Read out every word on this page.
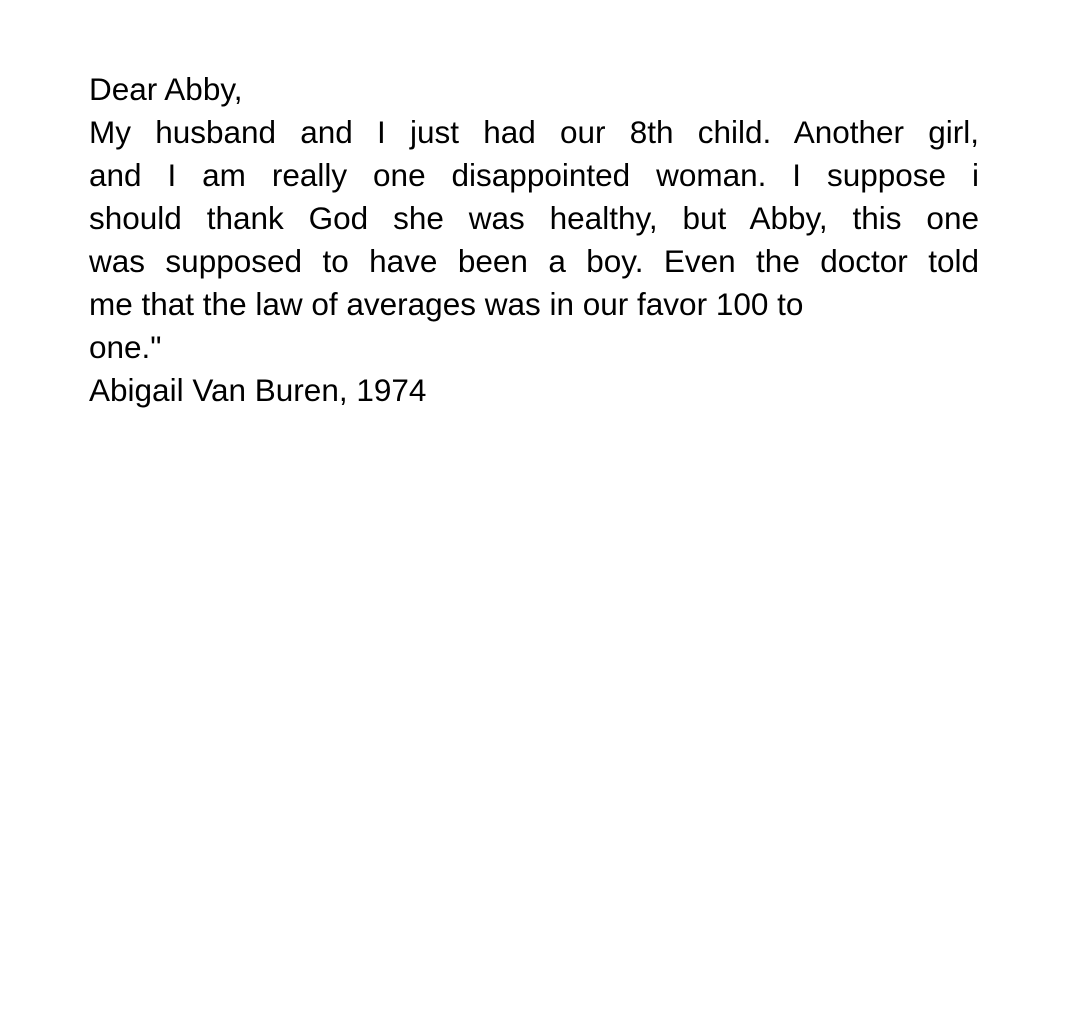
Dear Abby,
My husband and I just had our 8th child. Another girl,
and I am really one disappointed woman. I suppose i
should thank God she was healthy, but Abby, this one
was supposed to have been a boy. Even the doctor told
me that the law of averages was in our favor 100 to
one."
Abigail Van Buren, 1974
